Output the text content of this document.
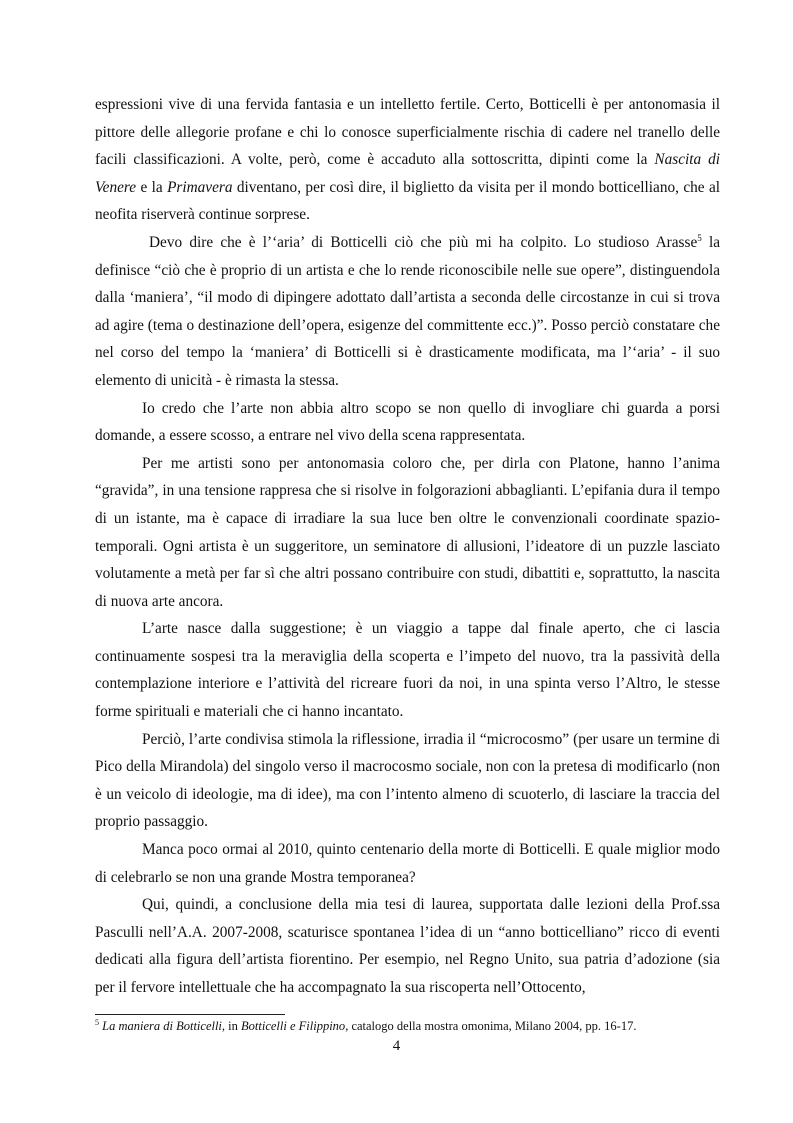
espressioni vive di una fervida fantasia e un intelletto fertile. Certo, Botticelli è per antonomasia il pittore delle allegorie profane e chi lo conosce superficialmente rischia di cadere nel tranello delle facili classificazioni. A volte, però, come è accaduto alla sottoscritta, dipinti come la Nascita di Venere e la Primavera diventano, per così dire, il biglietto da visita per il mondo botticelliano, che al neofita riserverà continue sorprese.

Devo dire che è l’‘aria’ di Botticelli ciò che più mi ha colpito. Lo studioso Arasse$^5$ la definisce “ciò che è proprio di un artista e che lo rende riconoscibile nelle sue opere”, distinguendola dalla ‘maniera’, “il modo di dipingere adottato dall’artista a seconda delle circostanze in cui si trova ad agire (tema o destinazione dell’opera, esigenze del committente ecc.)”. Posso perciò constatare che nel corso del tempo la ‘maniera’ di Botticelli si è drasticamente modificata, ma l’‘aria’ - il suo elemento di unicità - è rimasta la stessa.

Io credo che l’arte non abbia altro scopo se non quello di invogliare chi guarda a porsi domande, a essere scosso, a entrare nel vivo della scena rappresentata.

Per me artisti sono per antonomasia coloro che, per dirla con Platone, hanno l’anima “gravida”, in una tensione rappresa che si risolve in folgorazioni abbaglianti. L’epifania dura il tempo di un istante, ma è capace di irradiare la sua luce ben oltre le convenzionali coordinate spazio-temporali. Ogni artista è un suggeritore, un seminatore di allusioni, l’ideatore di un puzzle lasciato volutamente a metà per far sì che altri possano contribuire con studi, dibattiti e, soprattutto, la nascita di nuova arte ancora.

L’arte nasce dalla suggestione; è un viaggio a tappe dal finale aperto, che ci lascia continuamente sospesi tra la meraviglia della scoperta e l’impeto del nuovo, tra la passività della contemplazione interiore e l’attività del ricreare fuori da noi, in una spinta verso l’Altro, le stesse forme spirituali e materiali che ci hanno incantato.

Perciò, l’arte condivisa stimola la riflessione, irradia il “microcosmo” (per usare un termine di Pico della Mirandola) del singolo verso il macrocosmo sociale, non con la pretesa di modificarlo (non è un veicolo di ideologie, ma di idee), ma con l’intento almeno di scuoterlo, di lasciare la traccia del proprio passaggio.

Manca poco ormai al 2010, quinto centenario della morte di Botticelli. E quale miglior modo di celebrarlo se non una grande Mostra temporanea?

Qui, quindi, a conclusione della mia tesi di laurea, supportata dalle lezioni della Prof.ssa Pasculli nell’A.A. 2007-2008, scaturisce spontanea l’idea di un “anno botticelliano” ricco di eventi dedicati alla figura dell’artista fiorentino. Per esempio, nel Regno Unito, sua patria d’adozione (sia per il fervore intellettuale che ha accompagnato la sua riscoperta nell’Ottocento,

$^5$ La maniera di Botticelli, in Botticelli e Filippino, catalogo della mostra omonima, Milano 2004, pp. 16-17.
4
